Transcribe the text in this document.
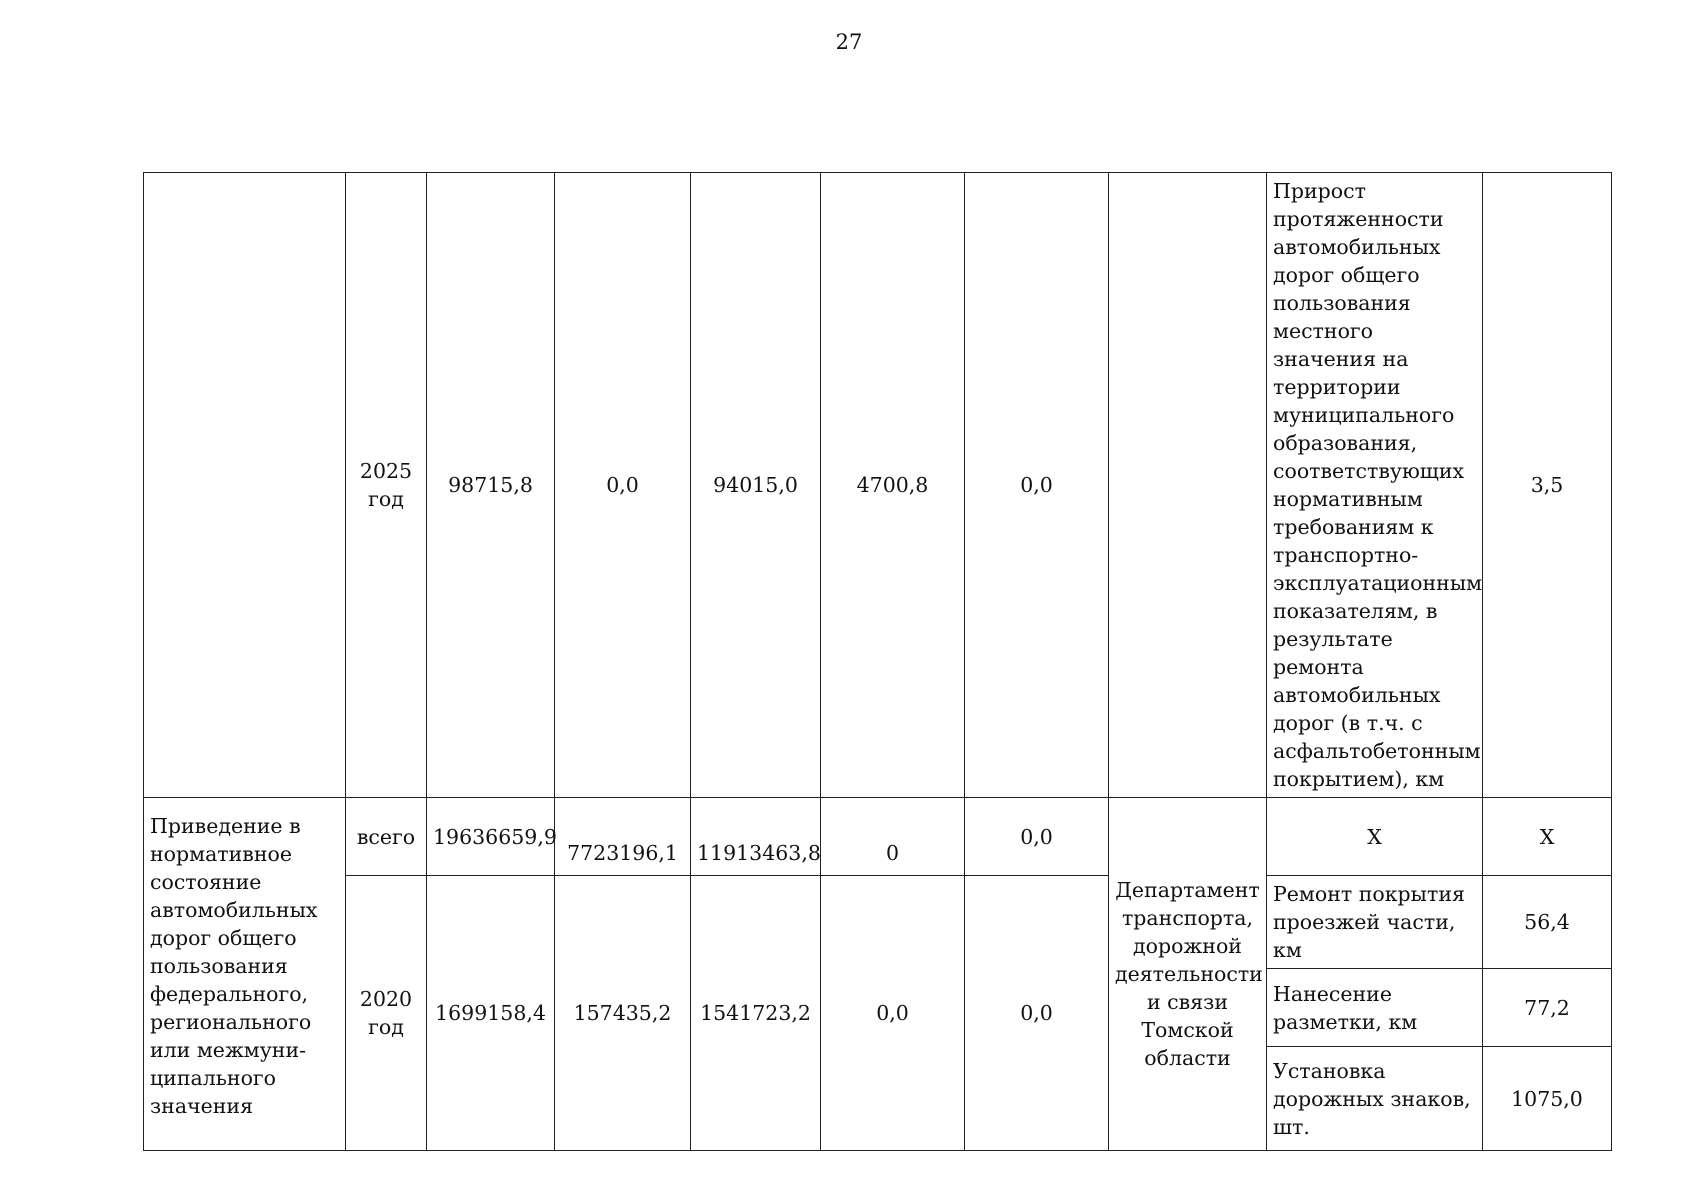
27
	2025 год	98715,8	0,0	94015,0	4700,8	0,0		Прирост протяженности автомобильных дорог общего пользования местного значения на территории муниципального образования, соответствующих нормативным требованиям к транспортно-эксплуатационным показателям, в результате ремонта автомобильных дорог (в т.ч. с асфальтобетонным покрытием), км	3,5
Приведение в нормативное состояние автомобильных дорог общего пользования федерального, регионального или межмуни-ципального значения	всего	19636659,9	7723196,1	11913463,8	0	0,0	Департамент транспорта, дорожной деятельности и связи Томской области	Х	Х
	2020 год	1699158,4	157435,2	1541723,2	0,0	0,0		Ремонт покрытия проезжей части, км	56,4
								Нанесение разметки, км	77,2
								Установка дорожных знаков, шт.	1075,0
